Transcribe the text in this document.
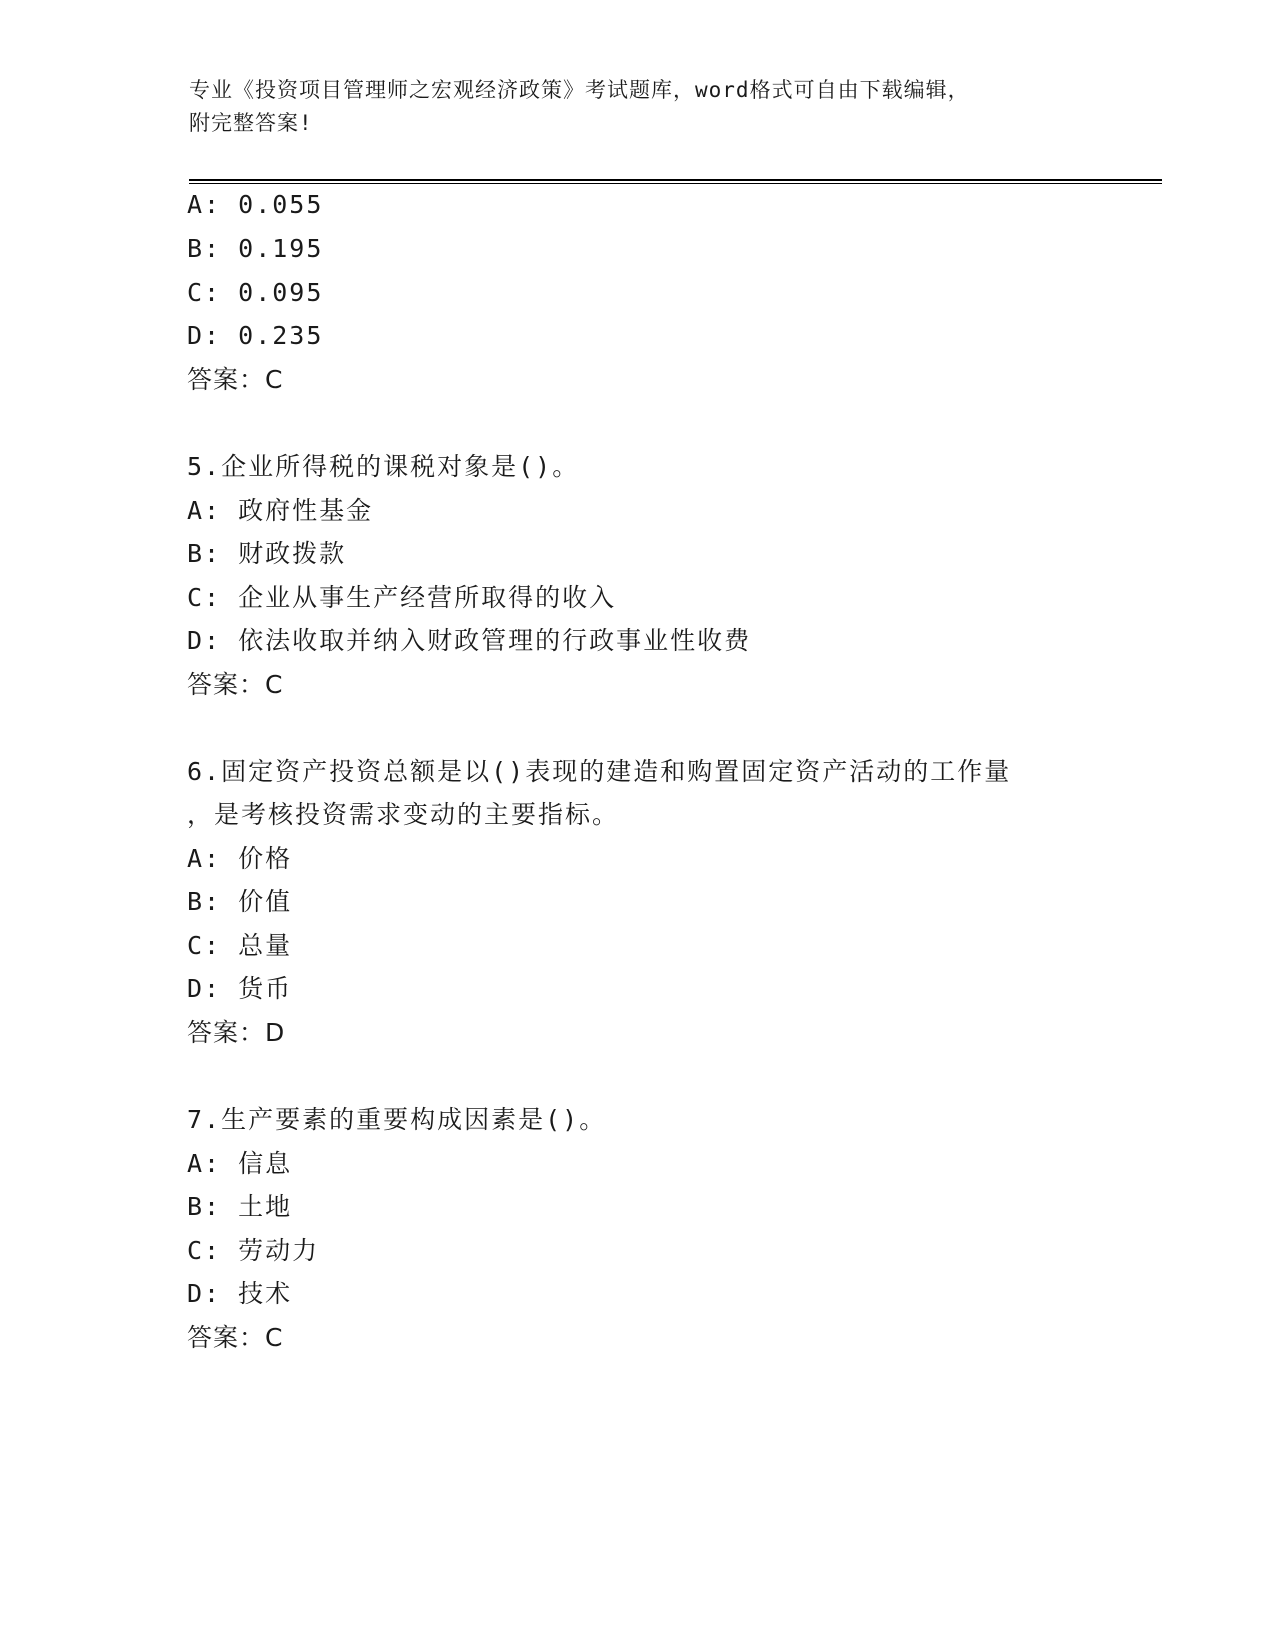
专业《投资项目管理师之宏观经济政策》考试题库，word格式可自由下载编辑，
附完整答案!
A: 0.055
B: 0.195
C: 0.095
D: 0.235
答案：C
5.企业所得税的课税对象是()。
A: 政府性基金
B: 财政拨款
C: 企业从事生产经营所取得的收入
D: 依法收取并纳入财政管理的行政事业性收费
答案：C
6.固定资产投资总额是以()表现的建造和购置固定资产活动的工作量
，是考核投资需求变动的主要指标。
A: 价格
B: 价值
C: 总量
D: 货币
答案：D
7.生产要素的重要构成因素是()。
A: 信息
B: 土地
C: 劳动力
D: 技术
答案：C
